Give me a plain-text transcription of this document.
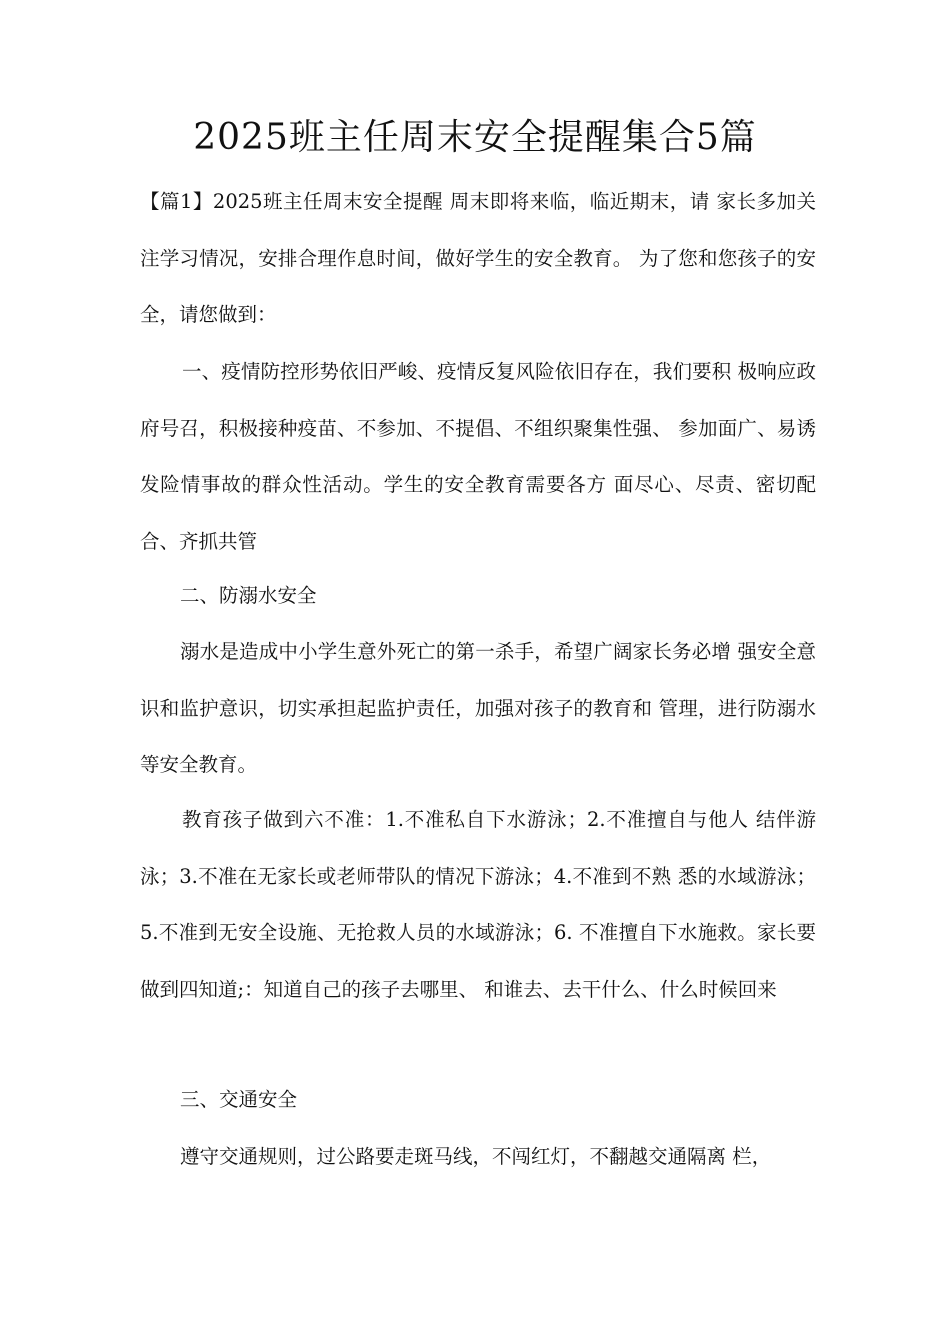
2025班主任周末安全提醒集合5篇

【篇1】2025班主任周末安全提醒 周末即将来临，临近期末，请 家长多加关注学习情况，安排合理作息时间，做好学生的安全教育。 为了您和您孩子的安全，请您做到：

一、疫情防控形势依旧严峻、疫情反复风险依旧存在，我们要积 极响应政府号召，积极接种疫苗、不参加、不提倡、不组织聚集性强、 参加面广、易诱发险情事故的群众性活动。学生的安全教育需要各方 面尽心、尽责、密切配合、齐抓共管

二、防溺水安全

溺水是造成中小学生意外死亡的第一杀手，希望广阔家长务必增 强安全意识和监护意识，切实承担起监护责任，加强对孩子的教育和 管理，进行防溺水等安全教育。

教育孩子做到六不准：1.不准私自下水游泳；2.不准擅自与他人 结伴游泳；3.不准在无家长或老师带队的情况下游泳；4.不准到不熟 悉的水域游泳；5.不准到无安全设施、无抢救人员的水域游泳；6. 不准擅自下水施救。家长要做到四知道;：知道自己的孩子去哪里、 和谁去、去干什么、什么时候回来

三、交通安全

遵守交通规则，过公路要走斑马线，不闯红灯，不翻越交通隔离 栏，
